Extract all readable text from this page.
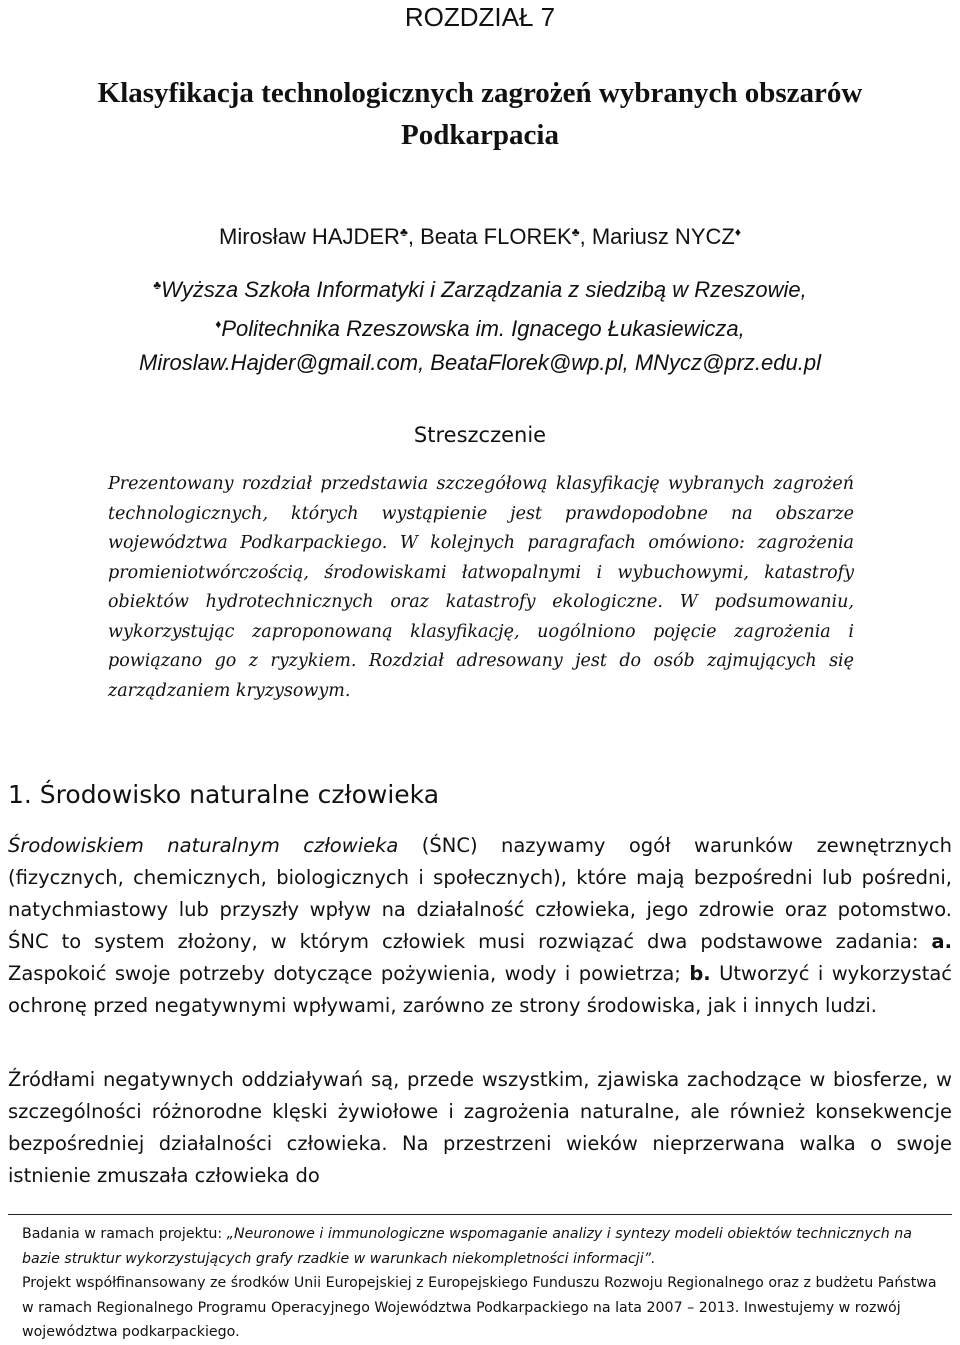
ROZDZIAŁ 7
Klasyfikacja technologicznych zagrożeń wybranych obszarów
Podkarpacia
Mirosław HAJDER♣, Beata FLOREK♣, Mariusz NYCZ♦
♣Wyższa Szkoła Informatyki i Zarządzania z siedzibą w Rzeszowie,
♦Politechnika Rzeszowska im. Ignacego Łukasiewicza,
Miroslaw.Hajder@gmail.com, BeataFlorek@wp.pl, MNycz@prz.edu.pl
Streszczenie
Prezentowany rozdział przedstawia szczegółową klasyfikację wybranych zagrożeń technologicznych, których wystąpienie jest prawdopodobne na obszarze województwa Podkarpackiego. W kolejnych paragrafach omówiono: zagrożenia promieniotwórczością, środowiskami łatwopalnymi i wybuchowymi, katastrofy obiektów hydrotechnicznych oraz katastrofy ekologiczne. W podsumowaniu, wykorzystując zaproponowaną klasyfikację, uogólniono pojęcie zagrożenia i powiązano go z ryzykiem. Rozdział adresowany jest do osób zajmujących się zarządzaniem kryzysowym.
1. Środowisko naturalne człowieka
Środowiskiem naturalnym człowieka (ŚNC) nazywamy ogół warunków zewnętrznych (fizycznych, chemicznych, biologicznych i społecznych), które mają bezpośredni lub pośredni, natychmiastowy lub przyszły wpływ na działalność człowieka, jego zdrowie oraz potomstwo. ŚNC to system złożony, w którym człowiek musi rozwiązać dwa podstawowe zadania: a. Zaspokoić swoje potrzeby dotyczące pożywienia, wody i powietrza; b. Utworzyć i wykorzystać ochronę przed negatywnymi wpływami, zarówno ze strony środowiska, jak i innych ludzi.
Źródłami negatywnych oddziaływań są, przede wszystkim, zjawiska zachodzące w biosferze, w szczególności różnorodne klęski żywiołowe i zagrożenia naturalne, ale również konsekwencje bezpośredniej działalności człowieka. Na przestrzeni wieków nieprzerwana walka o swoje istnienie zmuszała człowieka do
Badania w ramach projektu: „Neuronowe i immunologiczne wspomaganie analizy i syntezy modeli obiektów technicznych na bazie struktur wykorzystujących grafy rzadkie w warunkach niekompletności informacji”.
Projekt współfinansowany ze środków Unii Europejskiej z Europejskiego Funduszu Rozwoju Regionalnego oraz z budżetu Państwa w ramach Regionalnego Programu Operacyjnego Województwa Podkarpackiego na lata 2007 – 2013. Inwestujemy w rozwój województwa podkarpackiego.
